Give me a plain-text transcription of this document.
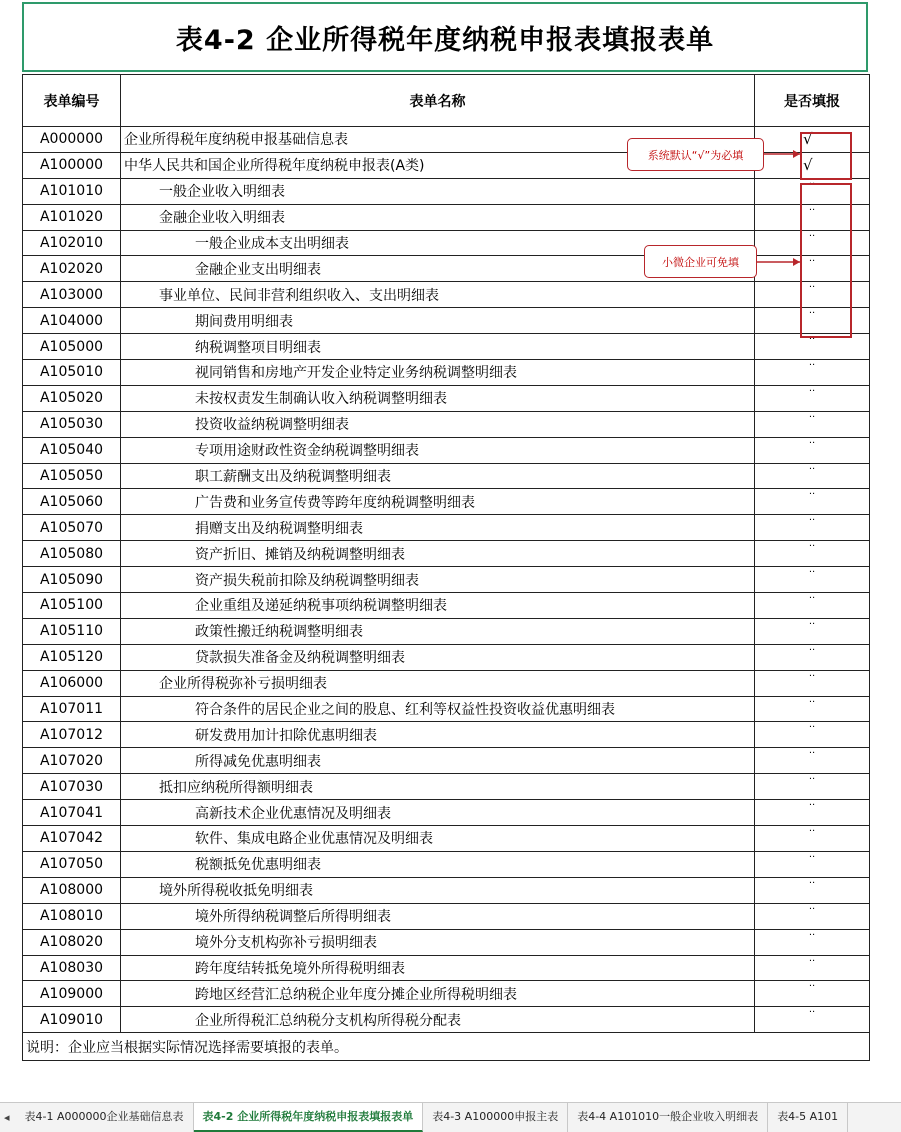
表4-2 企业所得税年度纳税申报表填报表单
表单编号	表单名称	是否填报
A000000	企业所得税年度纳税申报基础信息表	√
A100000	中华人民共和国企业所得税年度纳税申报表(A类)	√
A101010	一般企业收入明细表	··
A101020	金融企业收入明细表	··
A102010	一般企业成本支出明细表	··
A102020	金融企业支出明细表	··
A103000	事业单位、民间非营利组织收入、支出明细表	··
A104000	期间费用明细表	··
A105000	纳税调整项目明细表	··
A105010	视同销售和房地产开发企业特定业务纳税调整明细表	··
A105020	未按权责发生制确认收入纳税调整明细表	··
A105030	投资收益纳税调整明细表	··
A105040	专项用途财政性资金纳税调整明细表	··
A105050	职工薪酬支出及纳税调整明细表	··
A105060	广告费和业务宣传费等跨年度纳税调整明细表	··
A105070	捐赠支出及纳税调整明细表	··
A105080	资产折旧、摊销及纳税调整明细表	··
A105090	资产损失税前扣除及纳税调整明细表	··
A105100	企业重组及递延纳税事项纳税调整明细表	··
A105110	政策性搬迁纳税调整明细表	··
A105120	贷款损失准备金及纳税调整明细表	··
A106000	企业所得税弥补亏损明细表	··
A107011	符合条件的居民企业之间的股息、红利等权益性投资收益优惠明细表	··
A107012	研发费用加计扣除优惠明细表	··
A107020	所得减免优惠明细表	··
A107030	抵扣应纳税所得额明细表	··
A107041	高新技术企业优惠情况及明细表	··
A107042	软件、集成电路企业优惠情况及明细表	··
A107050	税额抵免优惠明细表	··
A108000	境外所得税收抵免明细表	··
A108010	境外所得纳税调整后所得明细表	··
A108020	境外分支机构弥补亏损明细表	··
A108030	跨年度结转抵免境外所得税明细表	··
A109000	跨地区经营汇总纳税企业年度分摊企业所得税明细表	··
A109010	企业所得税汇总纳税分支机构所得税分配表	··
说明：企业应当根据实际情况选择需要填报的表单。		
系统默认“√”为必填
小微企业可免填
◂	表4-1 A000000企业基础信息表	表4-2 企业所得税年度纳税申报表填报表单	表4-3 A100000申报主表	表4-4 A101010一般企业收入明细表	表4-5 A101
